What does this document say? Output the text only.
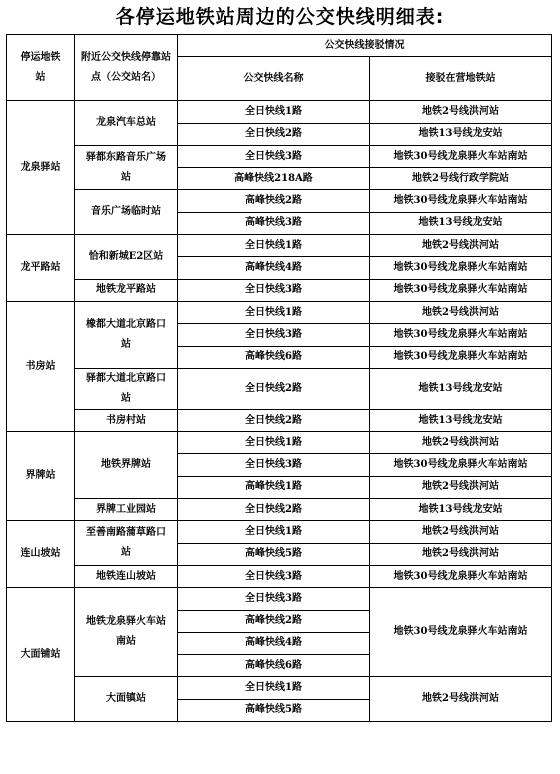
各停运地铁站周边的公交快线明细表:
停运地铁站	附近公交快线停靠站点（公交站名）	公交快线接驳情况	
		公交快线名称	接驳在营地铁站
龙泉驿站	龙泉汽车总站	全日快线1路	地铁2号线洪河站
		全日快线2路	地铁13号线龙安站
	驿都东路音乐广场站	全日快线3路	地铁30号线龙泉驿火车站南站
		高峰快线218A路	地铁2号线行政学院站
	音乐广场临时站	高峰快线2路	地铁30号线龙泉驿火车站南站
		高峰快线3路	地铁13号线龙安站
龙平路站	恰和新城E2区站	全日快线1路	地铁2号线洪河站
		高峰快线4路	地铁30号线龙泉驿火车站南站
	地铁龙平路站	全日快线3路	地铁30号线龙泉驿火车站南站
书房站	橡都大道北京路口站	全日快线1路	地铁2号线洪河站
		全日快线3路	地铁30号线龙泉驿火车站南站
		高峰快线6路	地铁30号线龙泉驿火车站南站
	驿都大道北京路口站	全日快线2路	地铁13号线龙安站
	书房村站	全日快线2路	地铁13号线龙安站
界牌站	地铁界牌站	全日快线1路	地铁2号线洪河站
		全日快线3路	地铁30号线龙泉驿火车站南站
		高峰快线1路	地铁2号线洪河站
	界牌工业园站	全日快线2路	地铁13号线龙安站
连山坡站	至善南路蒲草路口站	全日快线1路	地铁2号线洪河站
		高峰快线5路	地铁2号线洪河站
	地铁连山坡站	全日快线3路	地铁30号线龙泉驿火车站南站
大面铺站	地铁龙泉驿火车站南站	全日快线3路	地铁30号线龙泉驿火车站南站
		高峰快线2路	
		高峰快线4路	
		高峰快线6路	
	大面镇站	全日快线1路	地铁2号线洪河站
		高峰快线5路	
